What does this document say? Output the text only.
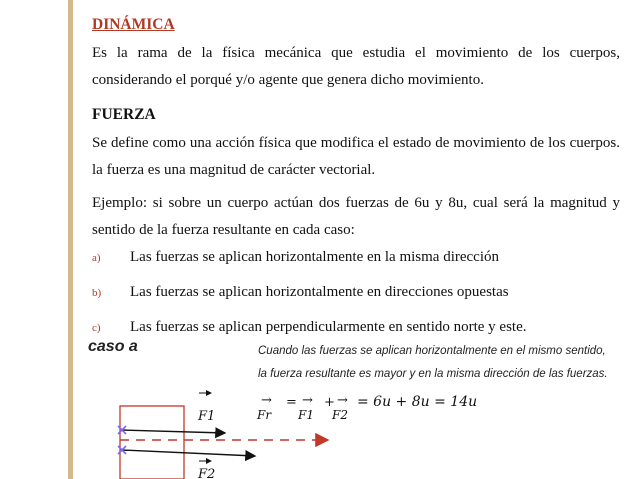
DINÁMICA

Es la rama de la física mecánica que estudia el movimiento de los cuerpos, considerando el porqué y/o agente que genera dicho movimiento.

FUERZA

Se define como una acción física que modifica el estado de movimiento de los cuerpos. la fuerza es una magnitud de carácter vectorial.

Ejemplo: si sobre un cuerpo actúan dos fuerzas de 6u y 8u, cual será la magnitud y sentido de la fuerza resultante en cada caso:

a)	Las fuerzas se aplican horizontalmente en la misma dirección
b)	Las fuerzas se aplican horizontalmente en direcciones opuestas
c)	Las fuerzas se aplican perpendicularmente en sentido norte y este.
caso a	Cuando las fuerzas se aplican horizontalmente en el mismo sentido,
la fuerza resultante es mayor y en la misma dirección de las fuerzas.
F1
→
Fr
= →
F1
+ →
F2
= 6u + 8u = 14u
F2
